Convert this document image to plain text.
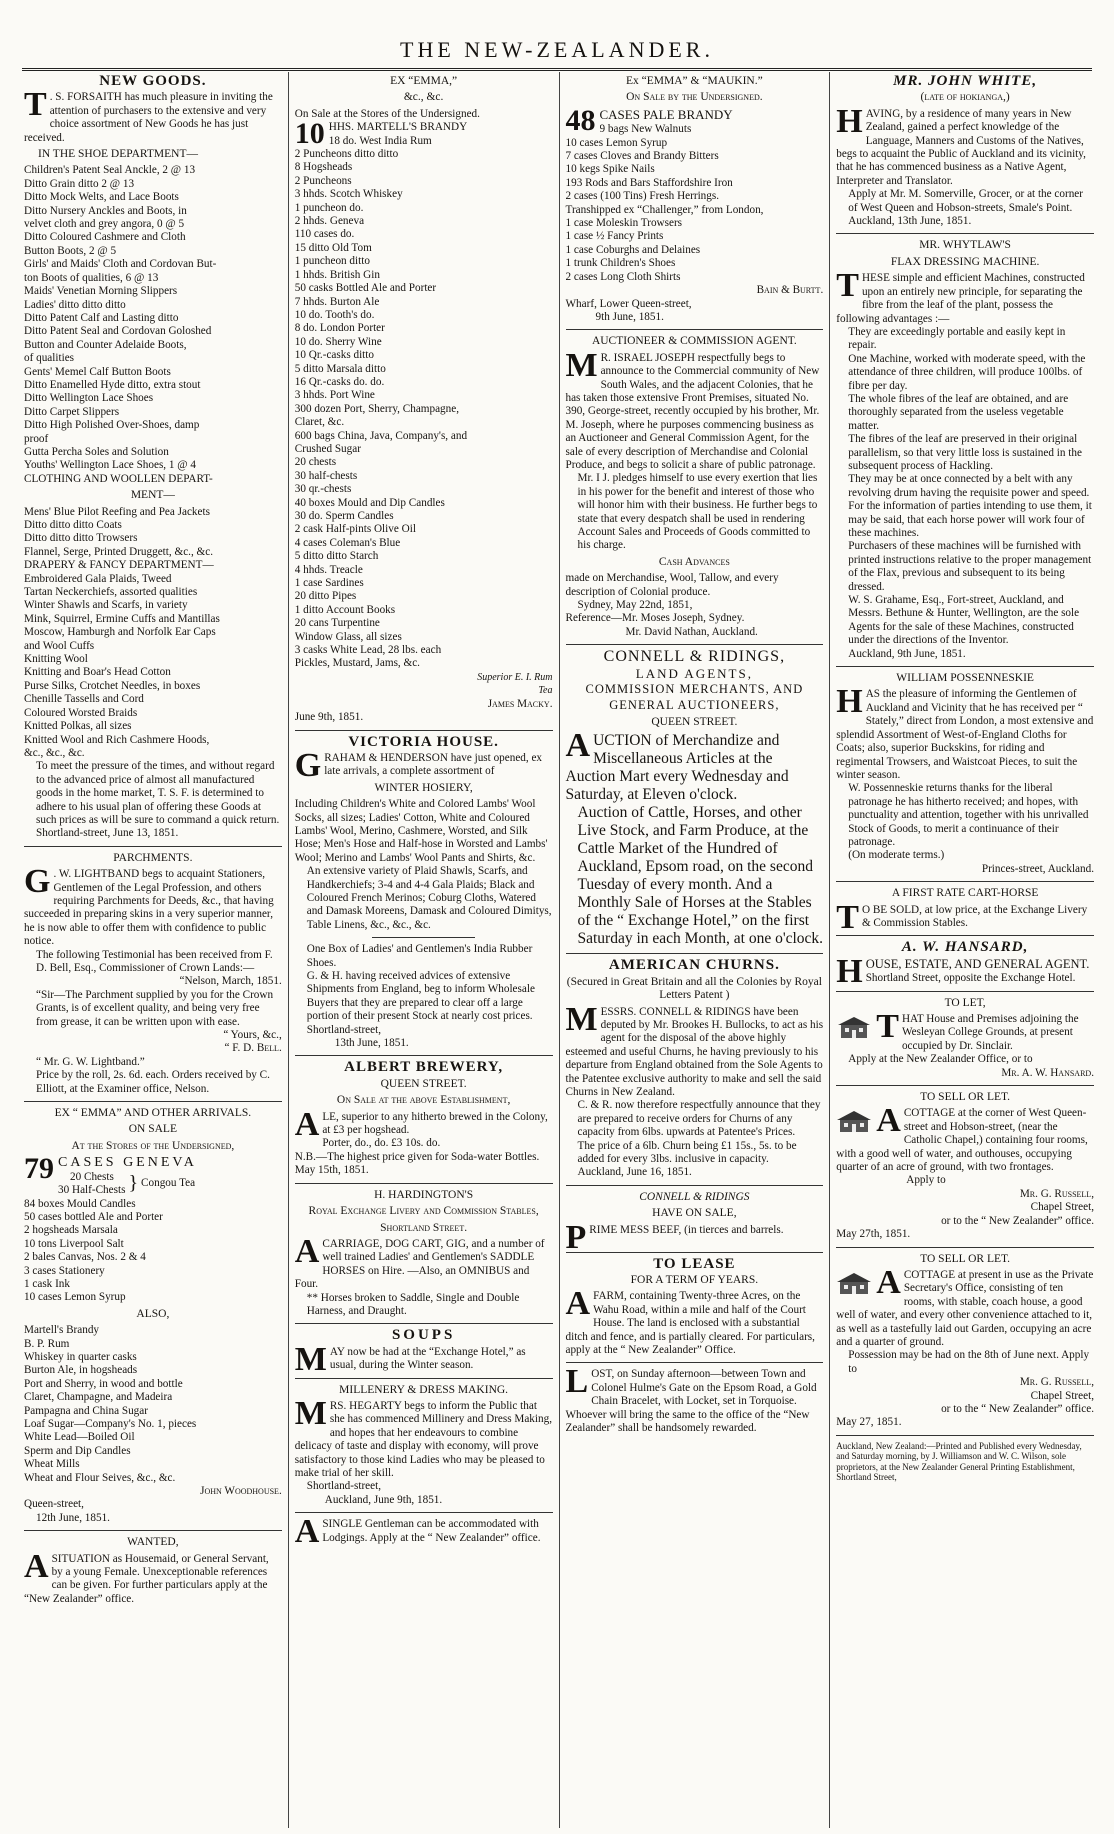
THE NEW-ZEALANDER.
NEW GOODS.

T . S. FORSAITH has much pleasure in inviting the attention of purchasers to the extensive and very choice assortment of New Goods he has just received.

IN THE SHOE DEPARTMENT—
Children's Patent Seal Anckle, 2 @ 13
Ditto Grain ditto 2 @ 13
Ditto Mock Welts, and Lace Boots
Ditto Nursery Anckles and Boots, in
velvet cloth and grey angora, 0 @ 5
Ditto Coloured Cashmere and Cloth
Button Boots, 2 @ 5
Girls' and Maids' Cloth and Cordovan But-
ton Boots of qualities, 6 @ 13
Maids' Venetian Morning Slippers
Ladies' ditto ditto ditto
Ditto Patent Calf and Lasting ditto
Ditto Patent Seal and Cordovan Goloshed
Button and Counter Adelaide Boots,
of qualities
Gents' Memel Calf Button Boots
Ditto Enamelled Hyde ditto, extra stout
Ditto Wellington Lace Shoes
Ditto Carpet Slippers
Ditto High Polished Over-Shoes, damp
proof
Gutta Percha Soles and Solution
Youths' Wellington Lace Shoes, 1 @ 4
CLOTHING AND WOOLLEN DEPART-
MENT—
Mens' Blue Pilot Reefing and Pea Jackets
Ditto ditto ditto Coats
Ditto ditto ditto Trowsers
Flannel, Serge, Printed Druggett, &c., &c.
DRAPERY & FANCY DEPARTMENT—
Embroidered Gala Plaids, Tweed
Tartan Neckerchiefs, assorted qualities
Winter Shawls and Scarfs, in variety
Mink, Squirrel, Ermine Cuffs and Mantillas
Moscow, Hamburgh and Norfolk Ear Caps
and Wool Cuffs
Knitting Wool
Knitting and Boar's Head Cotton
Purse Silks, Crotchet Needles, in boxes
Chenille Tassells and Cord
Coloured Worsted Braids
Knitted Polkas, all sizes
Knitted Wool and Rich Cashmere Hoods,
&c., &c., &c.

To meet the pressure of the times, and without regard to the advanced price of almost all manufactured goods in the home market, T. S. F. is determined to adhere to his usual plan of offering these Goods at such prices as will be sure to command a quick return.

Shortland-street, June 13, 1851.

PARCHMENTS.

G . W. LIGHTBAND begs to acquaint Stationers, Gentlemen of the Legal Profession, and others requiring Parchments for Deeds, &c., that having succeeded in preparing skins in a very superior manner, he is now able to offer them with confidence to public notice.

The following Testimonial has been received from F. D. Bell, Esq., Commissioner of Crown Lands:—

“Nelson, March, 1851.

“Sir—The Parchment supplied by you for the Crown Grants, is of excellent quality, and being very free from grease, it can be written upon with ease.

“ Yours, &c.,

“ F. D. Bell.

“ Mr. G. W. Lightband.”

Price by the roll, 2s. 6d. each. Orders received by C. Elliott, at the Examiner office, Nelson.

EX “ EMMA” AND OTHER ARRIVALS.
ON SALE
At the Stores of the Undersigned,
79 CASES GENEVA
20 Chests
30 Half-Chests } Congou Tea
84 boxes Mould Candles
50 cases bottled Ale and Porter
2 hogsheads Marsala
10 tons Liverpool Salt
2 bales Canvas, Nos. 2 & 4
3 cases Stationery
1 cask Ink
10 cases Lemon Syrup
ALSO,
Martell's Brandy
B. P. Rum
Whiskey in quarter casks
Burton Ale, in hogsheads
Port and Sherry, in wood and bottle
Claret, Champagne, and Madeira
Pampagna and China Sugar
Loaf Sugar—Company's No. 1, pieces
White Lead—Boiled Oil
Sperm and Dip Candles
Wheat Mills
Wheat and Flour Seives, &c., &c.

John Woodhouse.

Queen-street,

12th June, 1851.

WANTED,

A SITUATION as Housemaid, or General Servant, by a young Female. Unexceptionable references can be given. For further particulars apply at the “New Zealander” office.

EX “EMMA,”
&c., &c.

On Sale at the Stores of the Undersigned.

10 HHS. MARTELL'S BRANDY
18 do. West India Rum
2 Puncheons ditto ditto
8 Hogsheads
2 Puncheons
3 hhds. Scotch Whiskey
1 puncheon do.
2 hhds. Geneva
110 cases do.
15 ditto Old Tom
1 puncheon ditto
1 hhds. British Gin
50 casks Bottled Ale and Porter
7 hhds. Burton Ale
10 do. Tooth's do.
8 do. London Porter
10 do. Sherry Wine
10 Qr.-casks ditto
5 ditto Marsala ditto
16 Qr.-casks do. do.
3 hhds. Port Wine
300 dozen Port, Sherry, Champagne,
Claret, &c.
600 bags China, Java, Company's, and
Crushed Sugar
20 chests
30 half-chests
30 qr.-chests
40 boxes Mould and Dip Candles
30 do. Sperm Candles
2 cask Half-pints Olive Oil
4 cases Coleman's Blue
5 ditto ditto Starch
4 hhds. Treacle
1 case Sardines
20 ditto Pipes
1 ditto Account Books
20 cans Turpentine
Window Glass, all sizes
3 casks White Lead, 28 lbs. each
Pickles, Mustard, Jams, &c.
Superior E. I. Rum
Tea

James Macky.

June 9th, 1851.

VICTORIA HOUSE.

GRAHAM & HENDERSON have just opened, ex late arrivals, a complete assortment of

WINTER HOSIERY,

Including Children's White and Colored Lambs' Wool Socks, all sizes; Ladies' Cotton, White and Coloured Lambs' Wool, Merino, Cashmere, Worsted, and Silk Hose; Men's Hose and Half-hose in Worsted and Lambs' Wool; Merino and Lambs' Wool Pants and Shirts, &c.

An extensive variety of Plaid Shawls, Scarfs, and Handkerchiefs; 3-4 and 4-4 Gala Plaids; Black and Coloured French Merinos; Coburg Cloths, Watered and Damask Moreens, Damask and Coloured Dimitys, Table Linens, &c., &c., &c.

One Box of Ladies' and Gentlemen's India Rubber Shoes.

G. & H. having received advices of extensive Shipments from England, beg to inform Wholesale Buyers that they are prepared to clear off a large portion of their present Stock at nearly cost prices.

Shortland-street,

13th June, 1851.

ALBERT BREWERY,
QUEEN STREET.
On Sale at the above Establishment,

ALE, superior to any hitherto brewed in the Colony, at £3 per hogshead.

Porter, do., do. £3 10s. do.

N.B.—The highest price given for Soda-water Bottles.

May 15th, 1851.

H. HARDINGTON'S
Royal Exchange Livery and Commission Stables,
Shortland Street.

A CARRIAGE, DOG CART, GIG, and a number of well trained Ladies' and Gentlemen's SADDLE HORSES on Hire. —Also, an OMNIBUS and Four.

** Horses broken to Saddle, Single and Double Harness, and Draught.

SOUPS

MAY now be had at the “Exchange Hotel,” as usual, during the Winter season.

MILLENERY & DRESS MAKING.

MRS. HEGARTY begs to inform the Public that she has commenced Millinery and Dress Making, and hopes that her endeavours to combine delicacy of taste and display with economy, will prove satisfactory to those kind Ladies who may be pleased to make trial of her skill.

Shortland-street,

Auckland, June 9th, 1851.

A SINGLE Gentleman can be accommodated with Lodgings. Apply at the “ New Zealander” office.

Ex “EMMA” & “MAUKIN.”
On Sale by the Undersigned.
48 CASES PALE BRANDY
9 bags New Walnuts
10 cases Lemon Syrup
7 cases Cloves and Brandy Bitters
10 kegs Spike Nails
193 Rods and Bars Staffordshire Iron
2 cases (100 Tins) Fresh Herrings.

Transhipped ex “Challenger,” from London,

1 case Moleskin Trowsers
1 case ½ Fancy Prints
1 case Coburghs and Delaines
1 trunk Children's Shoes
2 cases Long Cloth Shirts

Bain & Burtt.

Wharf, Lower Queen-street,

9th June, 1851.

AUCTIONEER & COMMISSION AGENT.

M R. ISRAEL JOSEPH respectfully begs to announce to the Commercial community of New South Wales, and the adjacent Colonies, that he has taken those extensive Front Premises, situated No. 390, George-street, recently occupied by his brother, Mr. M. Joseph, where he purposes commencing business as an Auctioneer and General Commission Agent, for the sale of every description of Merchandise and Colonial Produce, and begs to solicit a share of public patronage.

Mr. I J. pledges himself to use every exertion that lies in his power for the benefit and interest of those who will honor him with their business. He further begs to state that every despatch shall be used in rendering Account Sales and Proceeds of Goods committed to his charge.

Cash Advances

made on Merchandise, Wool, Tallow, and every description of Colonial produce.

Sydney, May 22nd, 1851,

Reference—Mr. Moses Joseph, Sydney.

Mr. David Nathan, Auckland.

CONNELL & RIDINGS,
LAND AGENTS,
COMMISSION MERCHANTS, AND
GENERAL AUCTIONEERS,
QUEEN STREET.

AUCTION of Merchandize and Miscellaneous Articles at the Auction Mart every Wednesday and Saturday, at Eleven o'clock.

Auction of Cattle, Horses, and other Live Stock, and Farm Produce, at the Cattle Market of the Hundred of Auckland, Epsom road, on the second Tuesday of every month. And a Monthly Sale of Horses at the Stables of the “ Exchange Hotel,” on the first Saturday in each Month, at one o'clock.

AMERICAN CHURNS.
(Secured in Great Britain and all the Colonies by Royal Letters Patent )

MESSRS. CONNELL & RIDINGS have been deputed by Mr. Brookes H. Bullocks, to act as his agent for the disposal of the above highly esteemed and useful Churns, he having previously to his departure from England obtained from the Sole Agents to the Patentee exclusive authority to make and sell the said Churns in New Zealand.

C. & R. now therefore respectfully announce that they are prepared to receive orders for Churns of any capacity from 6lbs. upwards at Patentee's Prices.

The price of a 6lb. Churn being £1 15s., 5s. to be added for every 3lbs. inclusive in capacity.

Auckland, June 16, 1851.

CONNELL & RIDINGS
HAVE ON SALE,

PRIME MESS BEEF, (in tierces and barrels.

TO LEASE
FOR A TERM OF YEARS.

A FARM, containing Twenty-three Acres, on the Wahu Road, within a mile and half of the Court House. The land is enclosed with a substantial ditch and fence, and is partially cleared. For particulars, apply at the “ New Zealander” Office.

LOST, on Sunday afternoon—between Town and Colonel Hulme's Gate on the Epsom Road, a Gold Chain Bracelet, with Locket, set in Torquoise. Whoever will bring the same to the office of the “New Zealander” shall be handsomely rewarded.

MR. JOHN WHITE,
(late of hokianga,)

HAVING, by a residence of many years in New Zealand, gained a perfect knowledge of the Language, Manners and Customs of the Natives, begs to acquaint the Public of Auckland and its vicinity, that he has commenced business as a Native Agent, Interpreter and Translator.

Apply at Mr. M. Somerville, Grocer, or at the corner of West Queen and Hobson-streets, Smale's Point.

Auckland, 13th June, 1851.

MR. WHYTLAW'S
FLAX DRESSING MACHINE.

THESE simple and efficient Machines, constructed upon an entirely new principle, for separating the fibre from the leaf of the plant, possess the following advantages :—

They are exceedingly portable and easily kept in repair.
One Machine, worked with moderate speed, with the attendance of three children, will produce 100lbs. of fibre per day.
The whole fibres of the leaf are obtained, and are thoroughly separated from the useless vegetable matter.
The fibres of the leaf are preserved in their original parallelism, so that very little loss is sustained in the subsequent process of Hackling.
They may be at once connected by a belt with any revolving drum having the requisite power and speed.
For the information of parties intending to use them, it may be said, that each horse power will work four of these machines.

Purchasers of these machines will be furnished with printed instructions relative to the proper management of the Flax, previous and subsequent to its being dressed.

W. S. Grahame, Esq., Fort-street, Auckland, and Messrs. Bethune & Hunter, Wellington, are the sole Agents for the sale of these Machines, constructed under the directions of the Inventor.

Auckland, 9th June, 1851.

WILLIAM POSSENNESKIE

HAS the pleasure of informing the Gentlemen of Auckland and Vicinity that he has received per “ Stately,” direct from London, a most extensive and splendid Assortment of West-of-England Cloths for Coats; also, superior Buckskins, for riding and regimental Trowsers, and Waistcoat Pieces, to suit the winter season.

W. Possenneskie returns thanks for the liberal patronage he has hitherto received; and hopes, with punctuality and attention, together with his unrivalled Stock of Goods, to merit a continuance of their patronage.

(On moderate terms.)

Princes-street, Auckland.

A FIRST RATE CART-HORSE

T O BE SOLD, at low price, at the Exchange Livery & Commission Stables.

A. W. HANSARD,

HOUSE, ESTATE, AND GENERAL AGENT.

Shortland Street, opposite the Exchange Hotel.

TO LET,

THAT House and Premises adjoining the Wesleyan College Grounds, at present occupied by Dr. Sinclair.

Apply at the New Zealander Office, or to

Mr. A. W. Hansard.

TO SELL OR LET.

A COTTAGE at the corner of West Queen-street and Hobson-street, (near the Catholic Chapel,) containing four rooms, with a good well of water, and outhouses, occupying quarter of an acre of ground, with two frontages.

Apply to

Mr. G. Russell,

Chapel Street,

or to the “ New Zealander” office.

May 27th, 1851.

TO SELL OR LET.

A COTTAGE at present in use as the Private Secretary's Office, consisting of ten rooms, with stable, coach house, a good well of water, and every other convenience attached to it, as well as a tastefully laid out Garden, occupying an acre and a quarter of ground.

Possession may be had on the 8th of June next. Apply to

Mr. G. Russell,

Chapel Street,

or to the “ New Zealander” office.

May 27, 1851.

Auckland, New Zealand:—Printed and Published every Wednesday, and Saturday morning, by J. Williamson and W. C. Wilson, sole proprietors, at the New Zealander General Printing Establishment, Shortland Street,
